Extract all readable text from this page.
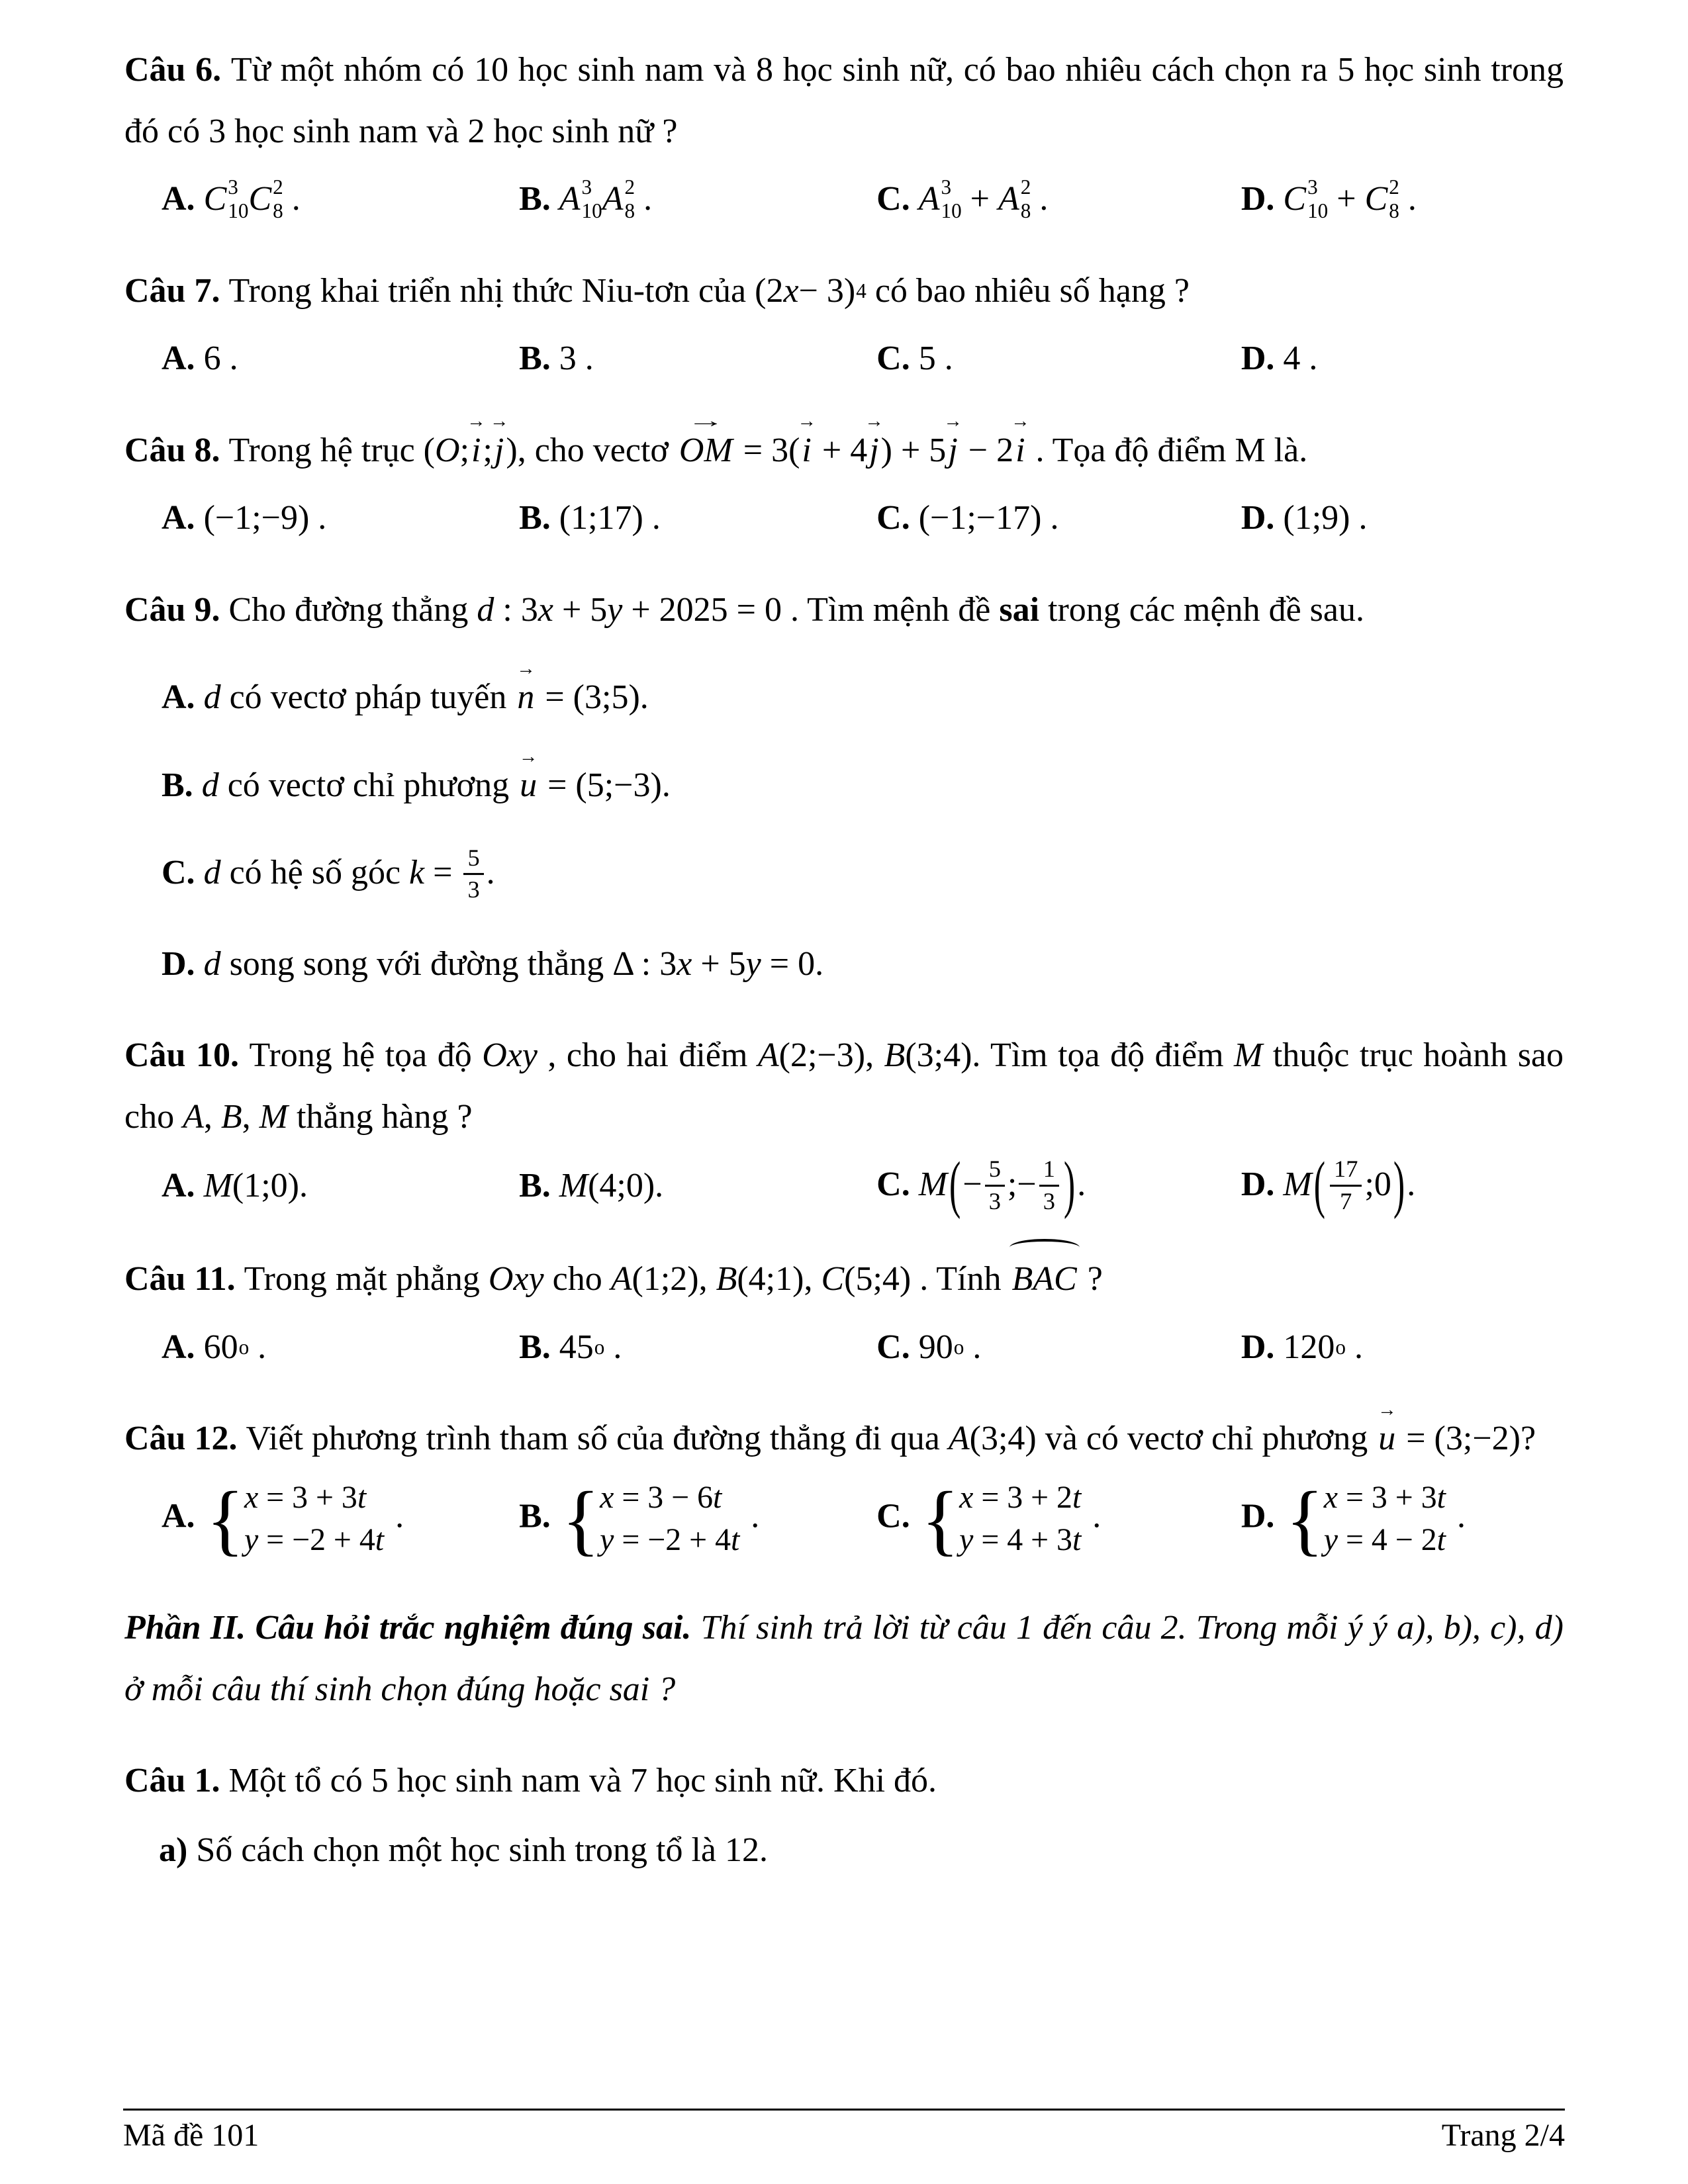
Câu 6. Từ một nhóm có 10 học sinh nam và 8 học sinh nữ, có bao nhiêu cách chọn ra 5 học sinh trong đó có 3 học sinh nam và 2 học sinh nữ ?
A. C 3
10 C 2
8 .	B. A 3
10 A 2
8 .	C. A 3
10 + A 2
8 .	D. C 3
10 + C 2
8 .
Câu 7. Trong khai triển nhị thức Niu-tơn của (2x − 3) 4 có bao nhiêu số hạng ?
A. 6 .	B. 3 .	C. 5 .	D. 4 .
Câu 8. Trong hệ trục (O;i →;j →), cho vectơ OM → = 3(i → + 4j →) + 5j → − 2i → . Tọa độ điểm M là.
A. (−1;−9) .	B. (1;17) .	C. (−1;−17) .	D. (1;9) .
Câu 9. Cho đường thẳng d : 3x + 5y + 2025 = 0 . Tìm mệnh đề sai trong các mệnh đề sau.
A. d có vectơ pháp tuyến n → = (3;5).
B. d có vectơ chỉ phương u → = (5;−3).
C. d có hệ số góc $k = \frac{5}{3}$ .
D. d song song với đường thẳng Δ : 3x + 5y = 0.
Câu 10. Trong hệ tọa độ Oxy , cho hai điểm A(2;−3), B(3;4). Tìm tọa độ điểm M thuộc trục hoành sao cho A, B, M thẳng hàng ?
A. M(1;0).	B. M(4;0).	C. $M(- \frac{5}{3}$ ;− $\frac{1}{3}$ ).	D. $M( \frac{17}{7}$ ;0).
Câu 11. Trong mặt phẳng Oxy cho A(1;2), B(4;1), C(5;4) . Tính BAC ?
A. 60 o .	B. 45 o .	C. 90 o .	D. 120 o .
Câu 12. Viết phương trình tham số của đường thẳng đi qua A(3;4) và có vectơ chỉ phương u → = (3;−2)?
A. { x = 3 + 3t
y = −2 + 4t
.	B. { x = 3 − 6t
y = −2 + 4t
.	C. { x = 3 + 2t
y = 4 + 3t
.	D. { x = 3 + 3t
y = 4 − 2t
.
Phần II. Câu hỏi trắc nghiệm đúng sai. Thí sinh trả lời từ câu 1 đến câu 2. Trong mỗi ý ý a), b), c), d) ở mỗi câu thí sinh chọn đúng hoặc sai ?
Câu 1. Một tổ có 5 học sinh nam và 7 học sinh nữ. Khi đó.
a) Số cách chọn một học sinh trong tổ là 12.
Mã đề 101	Trang 2/4
